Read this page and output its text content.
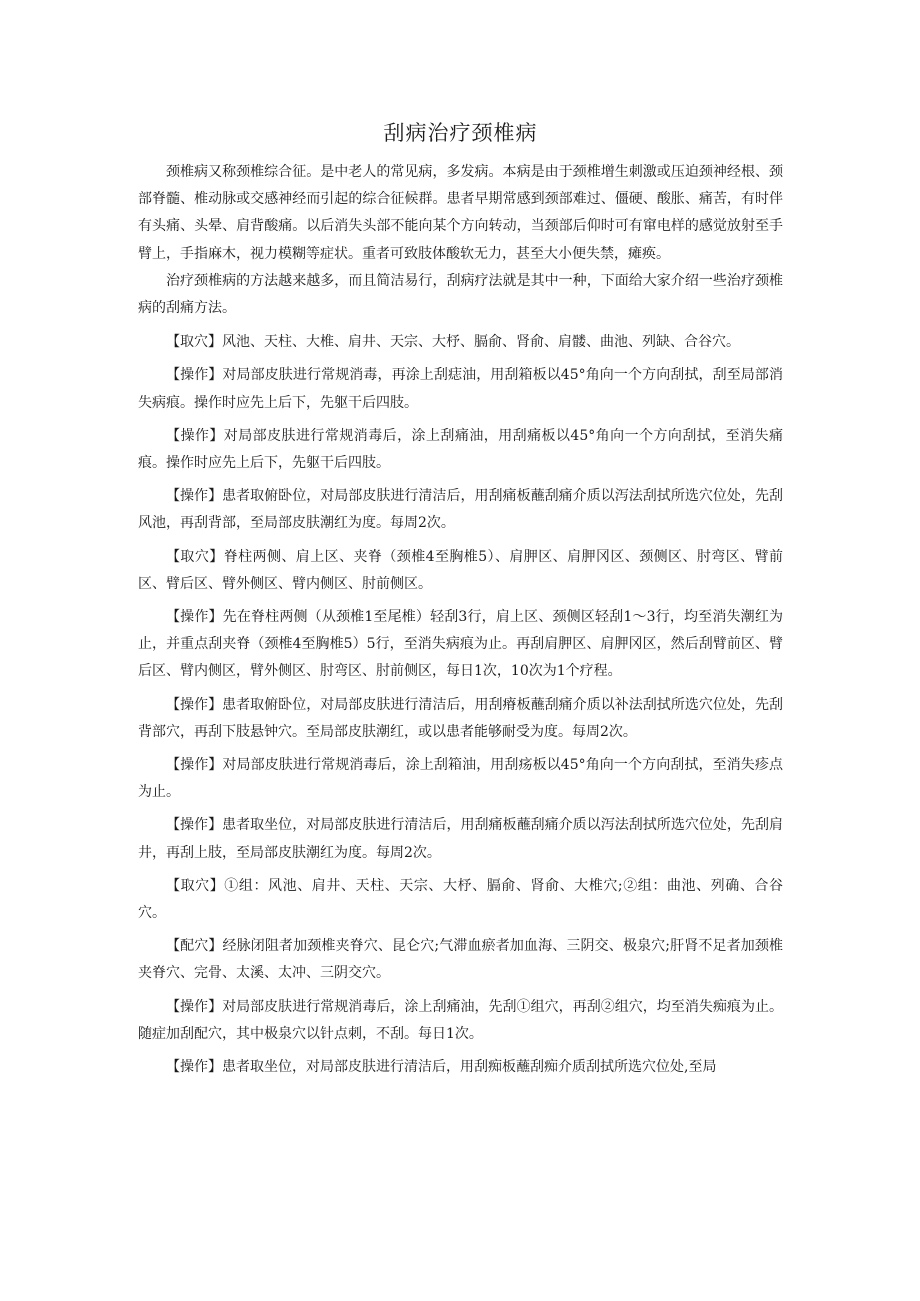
刮病治疗颈椎病

颈椎病又称颈椎综合征。是中老人的常见病，多发病。本病是由于颈椎增生刺激或压迫颈神经根、颈部脊髓、椎动脉或交感神经而引起的综合征候群。患者早期常感到颈部难过、僵硬、酸胀、痛苦，有时伴有头痛、头晕、肩背酸痛。以后消失头部不能向某个方向转动，当颈部后仰时可有窜电样的感觉放射至手臂上，手指麻木，视力模糊等症状。重者可致肢体酸软无力，甚至大小便失禁，瘫痪。

治疗颈椎病的方法越来越多，而且简洁易行，刮病疗法就是其中一种，下面给大家介绍一些治疗颈椎病的刮痛方法。

【取穴】风池、天柱、大椎、肩井、天宗、大杼、膈俞、肾俞、肩髅、曲池、列缺、合谷穴。

【操作】对局部皮肤进行常规消毒，再涂上刮痣油，用刮箱板以45°角向一个方向刮拭，刮至局部消失病痕。操作时应先上后下，先躯干后四肢。

【操作】对局部皮肤进行常规消毒后，涂上刮痛油，用刮痛板以45°角向一个方向刮拭，至消失痛痕。操作时应先上后下，先躯干后四肢。

【操作】患者取俯卧位，对局部皮肤进行清洁后，用刮痛板蘸刮痛介质以泻法刮拭所选穴位处，先刮风池，再刮背部，至局部皮肤潮红为度。每周2次。

【取穴】脊柱两侧、肩上区、夹脊（颈椎4至胸椎5）、肩胛区、肩胛冈区、颈侧区、肘弯区、臂前区、臂后区、臂外侧区、臂内侧区、肘前侧区。

【操作】先在脊柱两侧（从颈椎1至尾椎）轻刮3行，肩上区、颈侧区轻刮1～3行，均至消失潮红为止，并重点刮夹脊（颈椎4至胸椎5）5行，至消失病痕为止。再刮肩胛区、肩胛冈区，然后刮臂前区、臂后区、臂内侧区，臂外侧区、肘弯区、肘前侧区，每日1次，10次为1个疗程。

【操作】患者取俯卧位，对局部皮肤进行清洁后，用刮瘠板蘸刮痛介质以补法刮拭所选穴位处，先刮背部穴，再刮下肢悬钟穴。至局部皮肤潮红，或以患者能够耐受为度。每周2次。

【操作】对局部皮肤进行常规消毒后，涂上刮箱油，用刮疡板以45°角向一个方向刮拭，至消失疹点为止。

【操作】患者取坐位，对局部皮肤进行清洁后，用刮痛板蘸刮痛介质以泻法刮拭所选穴位处，先刮肩井，再刮上肢，至局部皮肤潮红为度。每周2次。

【取穴】①组：风池、肩井、天柱、天宗、大杼、膈俞、肾俞、大椎穴;②组：曲池、列确、合谷穴。

【配穴】经脉闭阻者加颈椎夹脊穴、昆仑穴;气滞血瘀者加血海、三阴交、极泉穴;肝肾不足者加颈椎夹脊穴、完骨、太溪、太冲、三阴交穴。

【操作】对局部皮肤进行常规消毒后，涂上刮痛油，先刮①组穴，再刮②组穴，均至消失痴痕为止。随症加刮配穴，其中极泉穴以针点刺，不刮。每日1次。

【操作】患者取坐位，对局部皮肤进行清洁后，用刮痴板蘸刮痴介质刮拭所选穴位处,至局
